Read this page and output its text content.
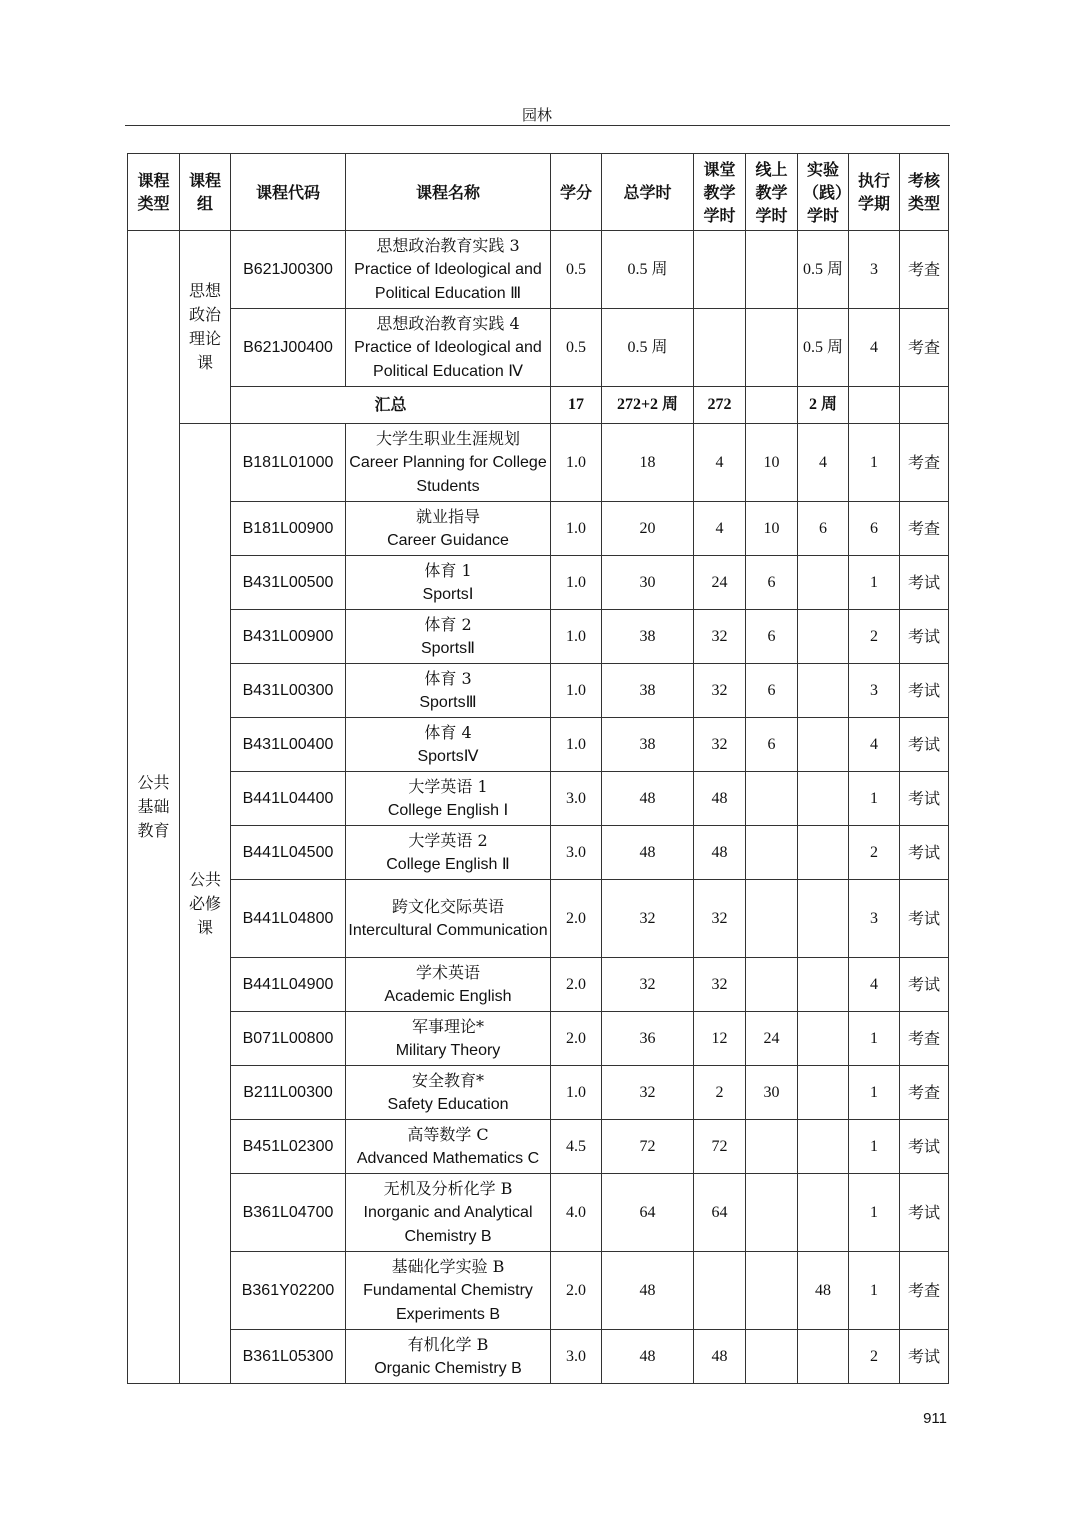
园林
课程类型	课程组	课程代码	课程名称	学分	总学时	课堂教学学时	线上教学学时	实验（践）学时	执行学期	考核类型
公共基础教育	思想政治理论课	B621J00300	思想政治教育实践 3
Practice of Ideological and Political Education Ⅲ	0.5	0.5 周			0.5 周	3	考查
		B621J00400	思想政治教育实践 4
Practice of Ideological and Political Education Ⅳ	0.5	0.5 周			0.5 周	4	考查
		汇总		17	272+2 周	272		2 周		
	公共必修课	B181L01000	大学生职业生涯规划
Career Planning for College Students	1.0	18	4	10	4	1	考查
		B181L00900	就业指导
Career Guidance	1.0	20	4	10	6	6	考查
		B431L00500	体育 1
SportsⅠ	1.0	30	24	6		1	考试
		B431L00900	体育 2
SportsⅡ	1.0	38	32	6		2	考试
		B431L00300	体育 3
SportsⅢ	1.0	38	32	6		3	考试
		B431L00400	体育 4
SportsⅣ	1.0	38	32	6		4	考试
		B441L04400	大学英语 1
College English Ⅰ	3.0	48	48			1	考试
		B441L04500	大学英语 2
College English Ⅱ	3.0	48	48			2	考试
		B441L04800	跨文化交际英语
Intercultural Communication	2.0	32	32			3	考试
		B441L04900	学术英语
Academic English	2.0	32	32			4	考试
		B071L00800	军事理论*
Military Theory	2.0	36	12	24		1	考查
		B211L00300	安全教育*
Safety Education	1.0	32	2	30		1	考查
		B451L02300	高等数学 C
Advanced Mathematics C	4.5	72	72			1	考试
		B361L04700	无机及分析化学 B
Inorganic and Analytical Chemistry B	4.0	64	64			1	考试
		B361Y02200	基础化学实验 B
Fundamental Chemistry Experiments B	2.0	48			48	1	考查
		B361L05300	有机化学 B
Organic Chemistry B	3.0	48	48			2	考试
911
